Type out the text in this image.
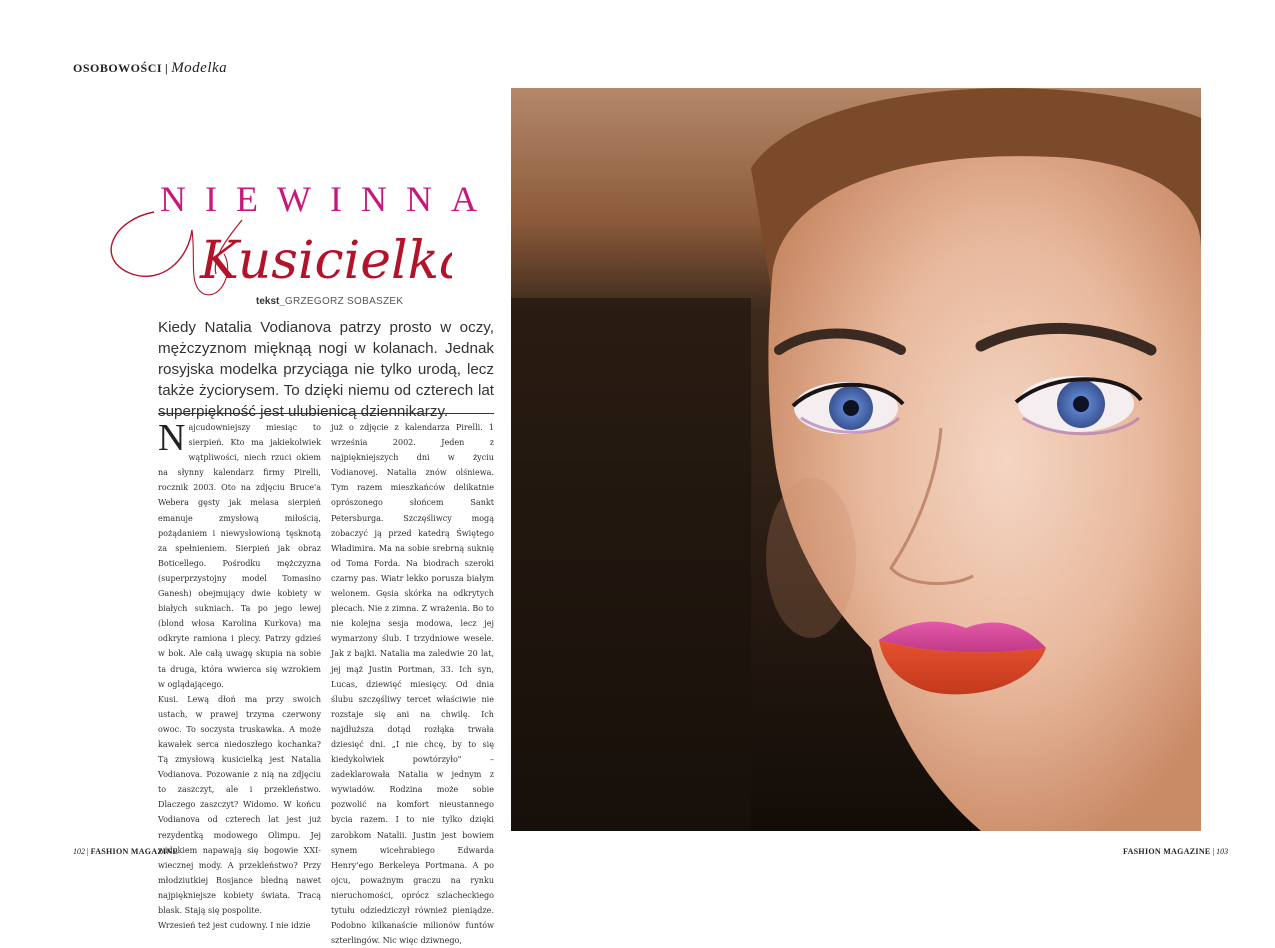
OSOBOWOŚCI | Modelka
NIEWINNA
Kusicielka
tekst_GRZEGORZ SOBASZEK
Kiedy Natalia Vodianova patrzy prosto w oczy, mężczyznom mięknąą nogi w kolanach. Jednak rosyjska modelka przyciąga nie tylko urodą, lecz także życiorysem. To dzięki niemu od czterech lat superpiękność jest ulubienicą dziennikarzy.

Najcudowniejszy miesiąc to sierpień. Kto ma jakiekolwiek wątpliwości, niech rzuci okiem na słynny kalendarz firmy Pirelli, rocznik 2003. Oto na zdjęciu Bruce'a Webera gęsty jak melasa sierpień emanuje zmysłową miłością, pożądaniem i niewysłowioną tęsknotą za spełnieniem. Sierpień jak obraz Boticellego. Pośrodku mężczyzna (superprzystojny model Tomasino Ganesh) obejmujący dwie kobiety w białych sukniach. Ta po jego lewej (blond włosa Karolina Kurkova) ma odkryte ramiona i plecy. Patrzy gdzieś w bok. Ale całą uwagę skupia na sobie ta druga, która wwierca się wzrokiem w oglądającego.

Kusi. Lewą dłoń ma przy swoich ustach, w prawej trzyma czerwony owoc. To soczysta truskawka. A może kawałek serca niedoszłego kochanka? Tą zmysłową kusicielką jest Natalia Vodianova. Pozowanie z nią na zdjęciu to zaszczyt, ale i przekleństwo. Dlaczego zaszczyt? Widomo. W końcu Vodianova od czterech lat jest już rezydentką modowego Olimpu. Jej widokiem napawają się bogowie XXI-wiecznej mody. A przekleństwo? Przy młodziutkiej Rosjance bledną nawet najpiękniejsze kobiety świata. Tracą blask. Stają się pospolite.

Wrzesień też jest cudowny. I nie idzie

już o zdjęcie z kalendarza Pirelli. 1 września 2002. Jeden z najpiękniejszych dni w życiu Vodianovej. Natalia znów olśniewa. Tym razem mieszkańców delikatnie oprószonego słońcem Sankt Petersburga. Szczęśliwcy mogą zobaczyć ją przed katedrą Świętego Władimira. Ma na sobie srebrną suknię od Toma Forda. Na biodrach szeroki czarny pas. Wiatr lekko porusza białym welonem. Gęsia skórka na odkrytych plecach. Nie z zimna. Z wrażenia. Bo to nie kolejna sesja modowa, lecz jej wymarzony ślub. I trzydniowe wesele. Jak z bajki. Natalia ma zaledwie 20 lat, jej mąż Justin Portman, 33. Ich syn, Lucas, dziewięć miesięcy. Od dnia ślubu szczęśliwy tercet właściwie nie rozstaje się ani na chwilę. Ich najdłuższa dotąd rozłąka trwała dziesięć dni. „I nie chcę, by to się kiedykolwiek powtórzyło" – zadeklarowała Natalia w jednym z wywiadów. Rodzina może sobie pozwolić na komfort nieustannego bycia razem. I to nie tylko dzięki zarobkom Natalii. Justin jest bowiem synem wicehrabiego Edwarda Henry'ego Berkeleya Portmana. A po ojcu, poważnym graczu na rynku nieruchomości, oprócz szlacheckiego tytułu odziedziczył również pieniądze. Podobno kilkanaście milionów funtów szterlingów. Nic więc dziwnego,

102 | FASHION MAGAZINE	FASHION MAGAZINE | 103
